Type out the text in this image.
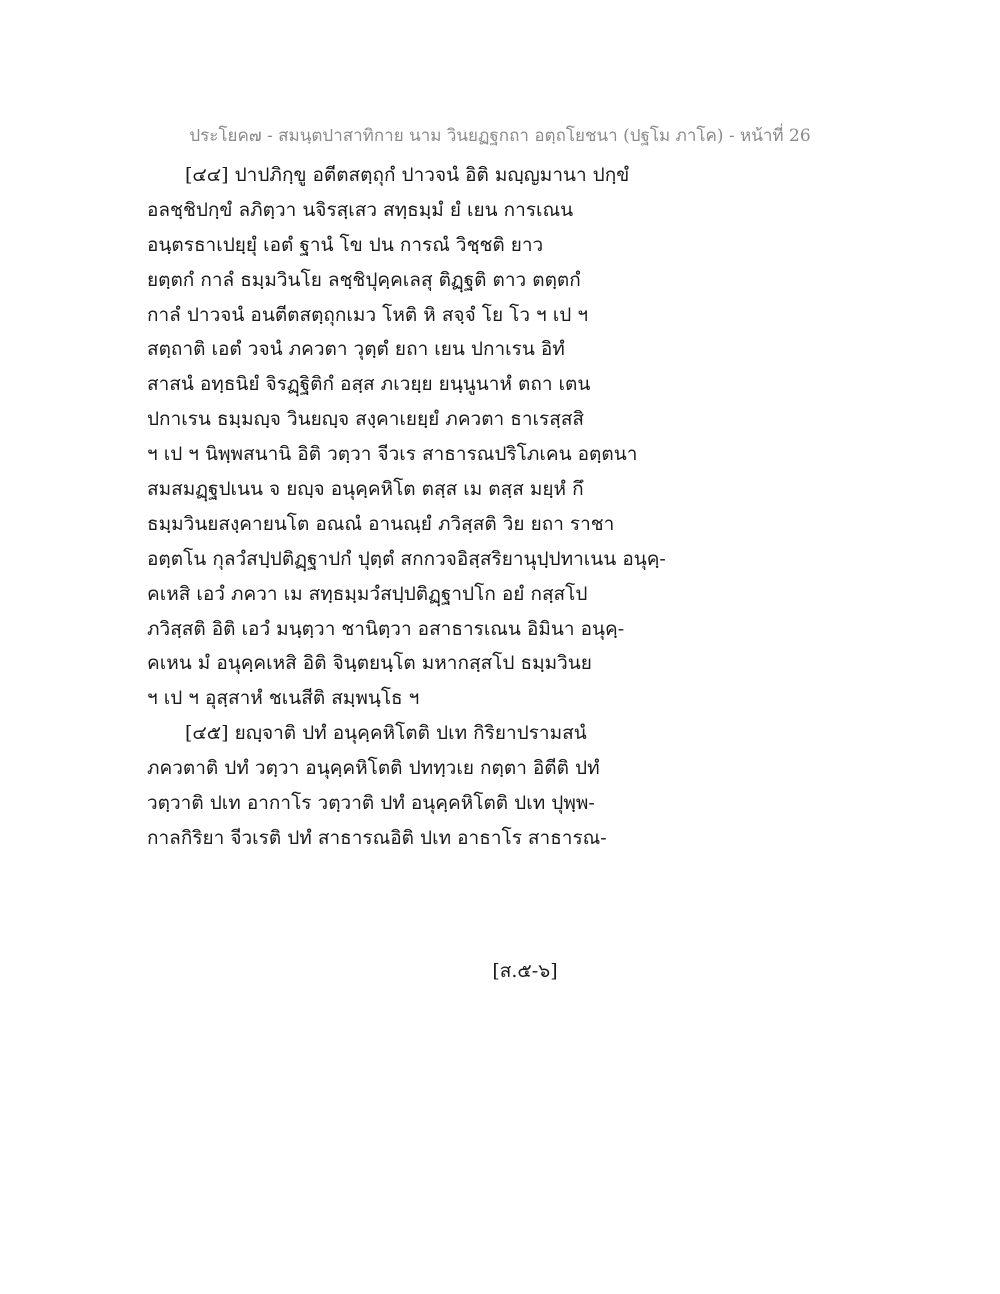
ประโยค๗ - สมนฺตปาสาทิกาย นาม วินยฏฐกถา อตฺถโยชนา (ปฐโม ภาโค) - หน้าที่ 26
[๔๔] ปาปภิกฺขู อตีตสตฺถุกํ ปาวจนํ อิติ มญฺญมานา ปกฺขํ
อลชฺชิปกฺขํ ลภิตฺวา นจิรสฺเสว สทฺธมฺมํ ยํ เยน การเณน
อนฺตรธาเปยฺยุํ เอตํ ฐานํ โข ปน การณํ วิชฺชติ ยาว
ยตฺตกํ กาลํ ธมฺมวินโย ลชฺชิปุคฺคเลสุ ติฏฺฐติ ตาว ตตฺตกํ
กาลํ ปาวจนํ อนตีตสตฺถุกเมว โหติ หิ สจฺจํ โย โว ฯ เป ฯ
สตฺถาติ เอตํ วจนํ ภควตา วุตฺตํ ยถา เยน ปกาเรน อิทํ
สาสนํ อทฺธนิยํ จิรฏฺฐิติกํ อสฺส ภเวยฺย ยนฺนูนาหํ ตถา เตน
ปกาเรน ธมฺมญฺจ วินยญฺจ สงฺคาเยยฺยํ ภควตา ธาเรสฺสสิ
ฯ เป ฯ นิพฺพสนานิ อิติ วตฺวา จีวเร สาธารณปริโภเคน อตฺตนา
สมสมฏฺฐปเนน จ ยญฺจ อนุคฺคหิโต ตสฺส เม ตสฺส มยฺหํ กึ
ธมฺมวินยสงฺคายนโต อณณํ อานณฺยํ ภวิสฺสติ วิย ยถา ราชา
อตฺตโน กุลวํสปฺปติฏฺฐาปกํ ปุตฺตํ สกกวจอิสฺสริยานุปฺปทาเนน อนุคฺ-
คเหสิ เอวํ ภควา เม สทฺธมฺมวํสปฺปติฏฺฐาปโก อยํ กสฺสโป
ภวิสฺสติ อิติ เอวํ มนฺตฺวา ชานิตฺวา อสาธารเณน อิมินา อนุคฺ-
คเหน มํ อนุคฺคเหสิ อิติ จินฺตยนฺโต มหากสฺสโป ธมฺมวินย
ฯ เป ฯ อุสฺสาหํ ชเนสีติ สมฺพนฺโธ ฯ
[๔๕] ยญฺจาติ ปทํ อนุคฺคหิโตติ ปเท กิริยาปรามสนํ
ภควตาติ ปทํ วตฺวา อนุคฺคหิโตติ ปททฺวเย กตฺตา อิตีติ ปทํ
วตฺวาติ ปเท อากาโร วตฺวาติ ปทํ อนุคฺคหิโตติ ปเท ปุพฺพ-
กาลกิริยา จีวเรติ ปทํ สาธารณอิติ ปเท อาธาโร สาธารณ-
[ส.๕-๖]
